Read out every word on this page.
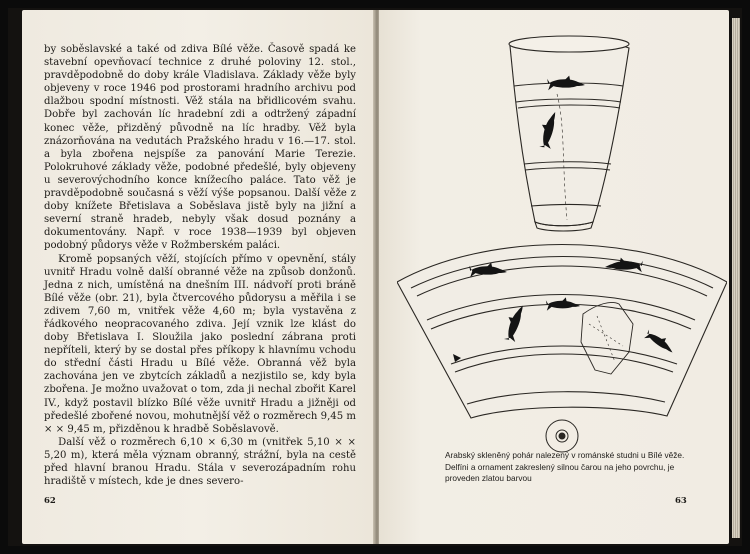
by soběslavské a také od zdiva Bílé věže. Časově spadá ke stavební opevňovací technice z druhé poloviny 12. stol., pravděpodobně do doby krále Vladislava. Základy věže byly objeveny v roce 1946 pod prostorami hradního archivu pod dlažbou spodní místnosti. Věž stála na břidlicovém svahu. Dobře byl zachován líc hradební zdi a odtržený západní konec věže, přizděný původně na líc hradby. Věž byla znázorňována na vedutách Pražského hradu v 16.—17. stol. a byla zbořena nejspíše za panování Marie Terezie. Polokruhové základy věže, podobné předešlé, byly objeveny u severovýchodního konce knížecího paláce. Tato věž je pravděpodobně současná s věží výše popsanou. Další věže z doby knížete Břetislava a Soběslava jistě byly na jižní a severní straně hradeb, nebyly však dosud poznány a dokumentovány. Např. v roce 1938—1939 byl objeven podobný půdorys věže v Rožmberském paláci.

Kromě popsaných věží, stojících přímo v opevnění, stály uvnitř Hradu volně další obranné věže na způsob donžonů. Jedna z nich, umístěná na dnešním III. nádvoří proti bráně Bílé věže (obr. 21), byla čtvercového půdorysu a měřila i se zdivem 7,60 m, vnitřek věže 4,60 m; byla vystavěna z řádkového neopracovaného zdiva. Její vznik lze klást do doby Břetislava I. Sloužila jako poslední zábrana proti nepříteli, který by se dostal přes příkopy k hlavnímu vchodu do střední části Hradu u Bílé věže. Obranná věž byla zachována jen ve zbytcích základů a nezjistilo se, kdy byla zbořena. Je možno uvažovat o tom, zda ji nechal zbořit Karel IV., když postavil blízko Bílé věže uvnitř Hradu a jižněji od předešlé zbořené novou, mohutnější věž o rozměrech 9,45 m × × 9,45 m, přizděnou k hradbě Soběslavově.

Další věž o rozměrech 6,10 × 6,30 m (vnitřek 5,10 × × 5,20 m), která měla význam obranný, strážní, byla na cestě před hlavní branou Hradu. Stála v severozápadním rohu hradiště v místech, kde je dnes severo-

62

Arabský skleněný pohár nalezený v románské studni u Bílé věže. Delfíni a ornament zakreslený silnou čarou na jeho povrchu, je proveden zlatou barvou

63
